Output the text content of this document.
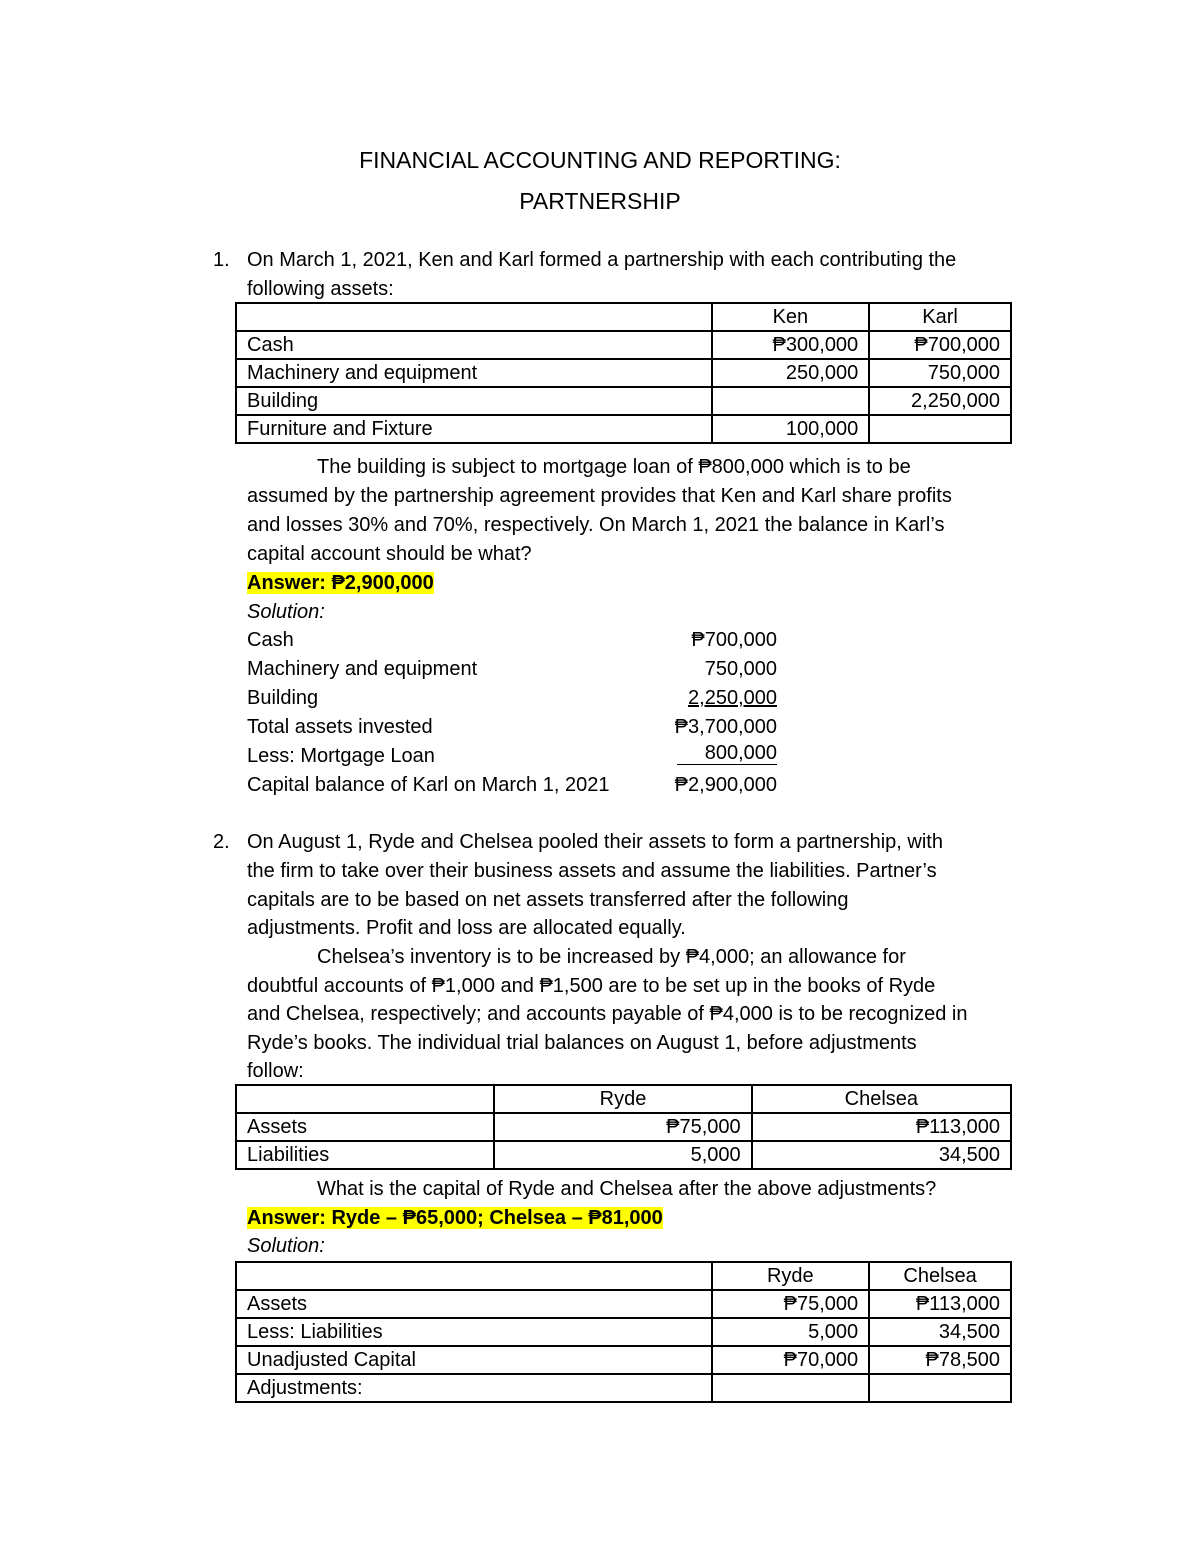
FINANCIAL ACCOUNTING AND REPORTING:
PARTNERSHIP
1. On March 1, 2021, Ken and Karl formed a partnership with each contributing the
following assets:
	Ken	Karl
Cash	₱300,000	₱700,000
Machinery and equipment	250,000	750,000
Building		2,250,000
Furniture and Fixture	100,000	
The building is subject to mortgage loan of ₱800,000 which is to be
assumed by the partnership agreement provides that Ken and Karl share profits
and losses 30% and 70%, respectively. On March 1, 2021 the balance in Karl’s
capital account should be what?
Answer: ₱2,900,000
Solution:
Cash	₱700,000
Machinery and equipment	750,000
Building	2,250,000
Total assets invested	₱3,700,000
Less: Mortgage Loan	800,000
Capital balance of Karl on March 1, 2021	₱2,900,000
2. On August 1, Ryde and Chelsea pooled their assets to form a partnership, with
the firm to take over their business assets and assume the liabilities. Partner’s
capitals are to be based on net assets transferred after the following
adjustments. Profit and loss are allocated equally.
Chelsea’s inventory is to be increased by ₱4,000; an allowance for
doubtful accounts of ₱1,000 and ₱1,500 are to be set up in the books of Ryde
and Chelsea, respectively; and accounts payable of ₱4,000 is to be recognized in
Ryde’s books. The individual trial balances on August 1, before adjustments
follow:
	Ryde	Chelsea
Assets	₱75,000	₱113,000
Liabilities	5,000	34,500
What is the capital of Ryde and Chelsea after the above adjustments?
Answer: Ryde – ₱65,000; Chelsea – ₱81,000
Solution:
	Ryde	Chelsea
Assets	₱75,000	₱113,000
Less: Liabilities	5,000	34,500
Unadjusted Capital	₱70,000	₱78,500
Adjustments:		
